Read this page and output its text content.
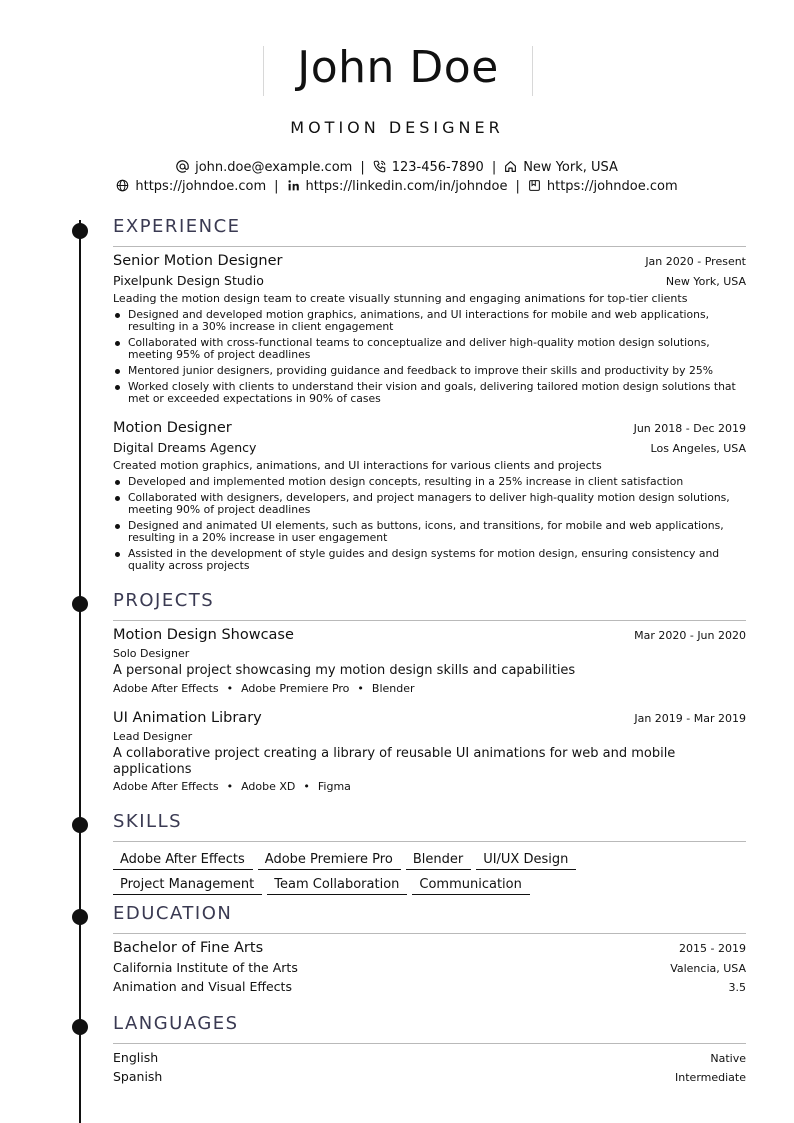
John Doe
MOTION DESIGNER
john.doe@example.com | 123-456-7890 | New York, USA
https://johndoe.com | https://linkedin.com/in/johndoe | https://johndoe.com
EXPERIENCE
Senior Motion Designer	Jan 2020 - Present
Pixelpunk Design Studio	New York, USA
Leading the motion design team to create visually stunning and engaging animations for top-tier clients
Designed and developed motion graphics, animations, and UI interactions for mobile and web applications, resulting in a 30% increase in client engagement
Collaborated with cross-functional teams to conceptualize and deliver high-quality motion design solutions, meeting 95% of project deadlines
Mentored junior designers, providing guidance and feedback to improve their skills and productivity by 25%
Worked closely with clients to understand their vision and goals, delivering tailored motion design solutions that met or exceeded expectations in 90% of cases
Motion Designer	Jun 2018 - Dec 2019
Digital Dreams Agency	Los Angeles, USA
Created motion graphics, animations, and UI interactions for various clients and projects
Developed and implemented motion design concepts, resulting in a 25% increase in client satisfaction
Collaborated with designers, developers, and project managers to deliver high-quality motion design solutions, meeting 90% of project deadlines
Designed and animated UI elements, such as buttons, icons, and transitions, for mobile and web applications, resulting in a 20% increase in user engagement
Assisted in the development of style guides and design systems for motion design, ensuring consistency and quality across projects
PROJECTS
Motion Design Showcase	Mar 2020 - Jun 2020
Solo Designer
A personal project showcasing my motion design skills and capabilities
Adobe After Effects • Adobe Premiere Pro • Blender
UI Animation Library	Jan 2019 - Mar 2019
Lead Designer
A collaborative project creating a library of reusable UI animations for web and mobile applications
Adobe After Effects • Adobe XD • Figma
SKILLS
Adobe After Effects Adobe Premiere Pro Blender UI/UX Design
Project Management Team Collaboration Communication
EDUCATION
Bachelor of Fine Arts	2015 - 2019
California Institute of the Arts	Valencia, USA
Animation and Visual Effects	3.5
LANGUAGES
English	Native
Spanish	Intermediate
